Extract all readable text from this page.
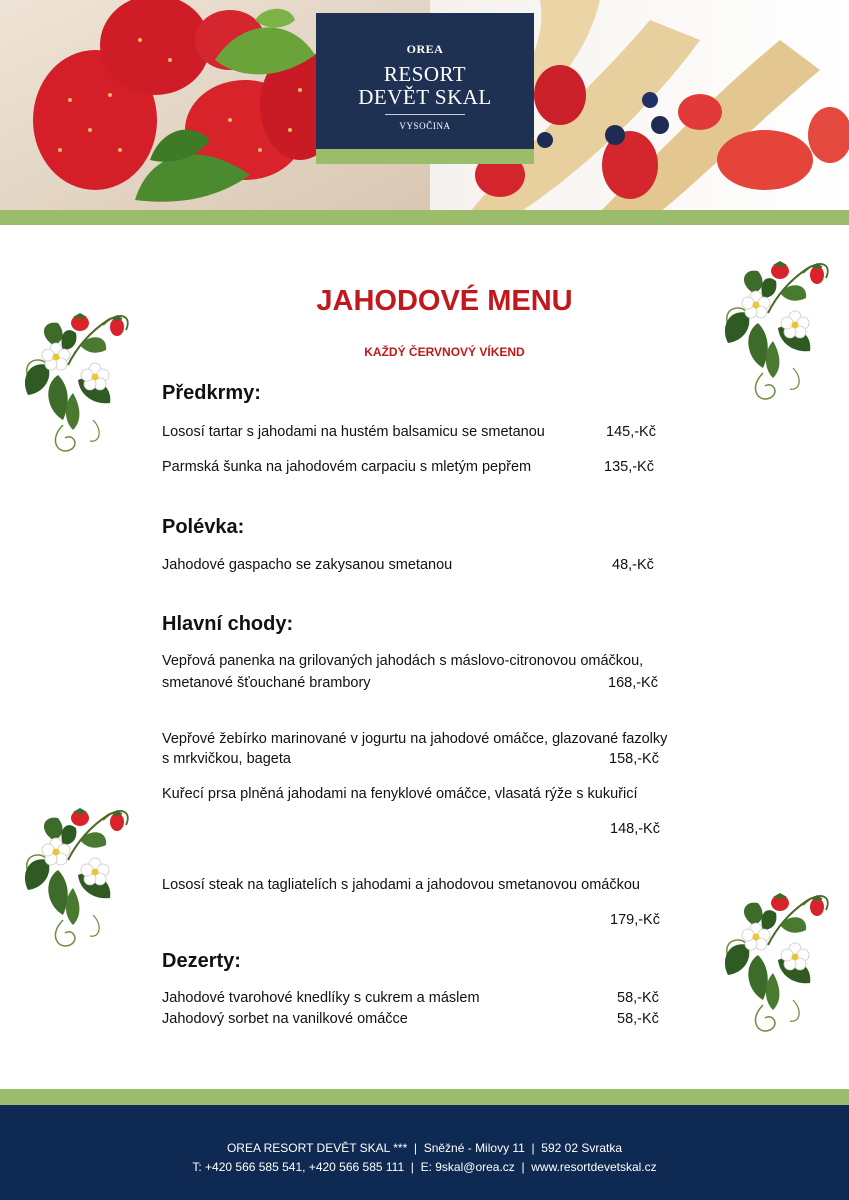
OREA
RESORT
DEVĚT SKAL
VYSOČINA
JAHODOVÉ MENU
KAŽDÝ ČERVNOVÝ VÍKEND
Předkrmy:
Lososí tartar s jahodami na hustém balsamicu se smetanou	145,-Kč
Parmská šunka na jahodovém carpaciu s mletým pepřem	135,-Kč
Polévka:
Jahodové gaspacho se zakysanou smetanou	48,-Kč
Hlavní chody:
Vepřová panenka na grilovaných jahodách s máslovo-citronovou omáčkou,
smetanové šťouchané brambory	168,-Kč
Vepřové žebírko marinované v jogurtu na jahodové omáčce, glazované fazolky
s mrkvičkou, bageta	158,-Kč
Kuřecí prsa plněná jahodami na fenyklové omáčce, vlasatá rýže s kukuřicí
148,-Kč
Lososí steak na tagliatelích s jahodami a jahodovou smetanovou omáčkou
179,-Kč
Dezerty:
Jahodové tvarohové knedlíky s cukrem a máslem	58,-Kč
Jahodový sorbet na vanilkové omáčce	58,-Kč
OREA RESORT DEVĚT SKAL ***  |  Sněžné - Milovy 11  |  592 02 Svratka
T: +420 566 585 541, +420 566 585 111  |  E: 9skal@orea.cz  |  www.resortdevetskal.cz
